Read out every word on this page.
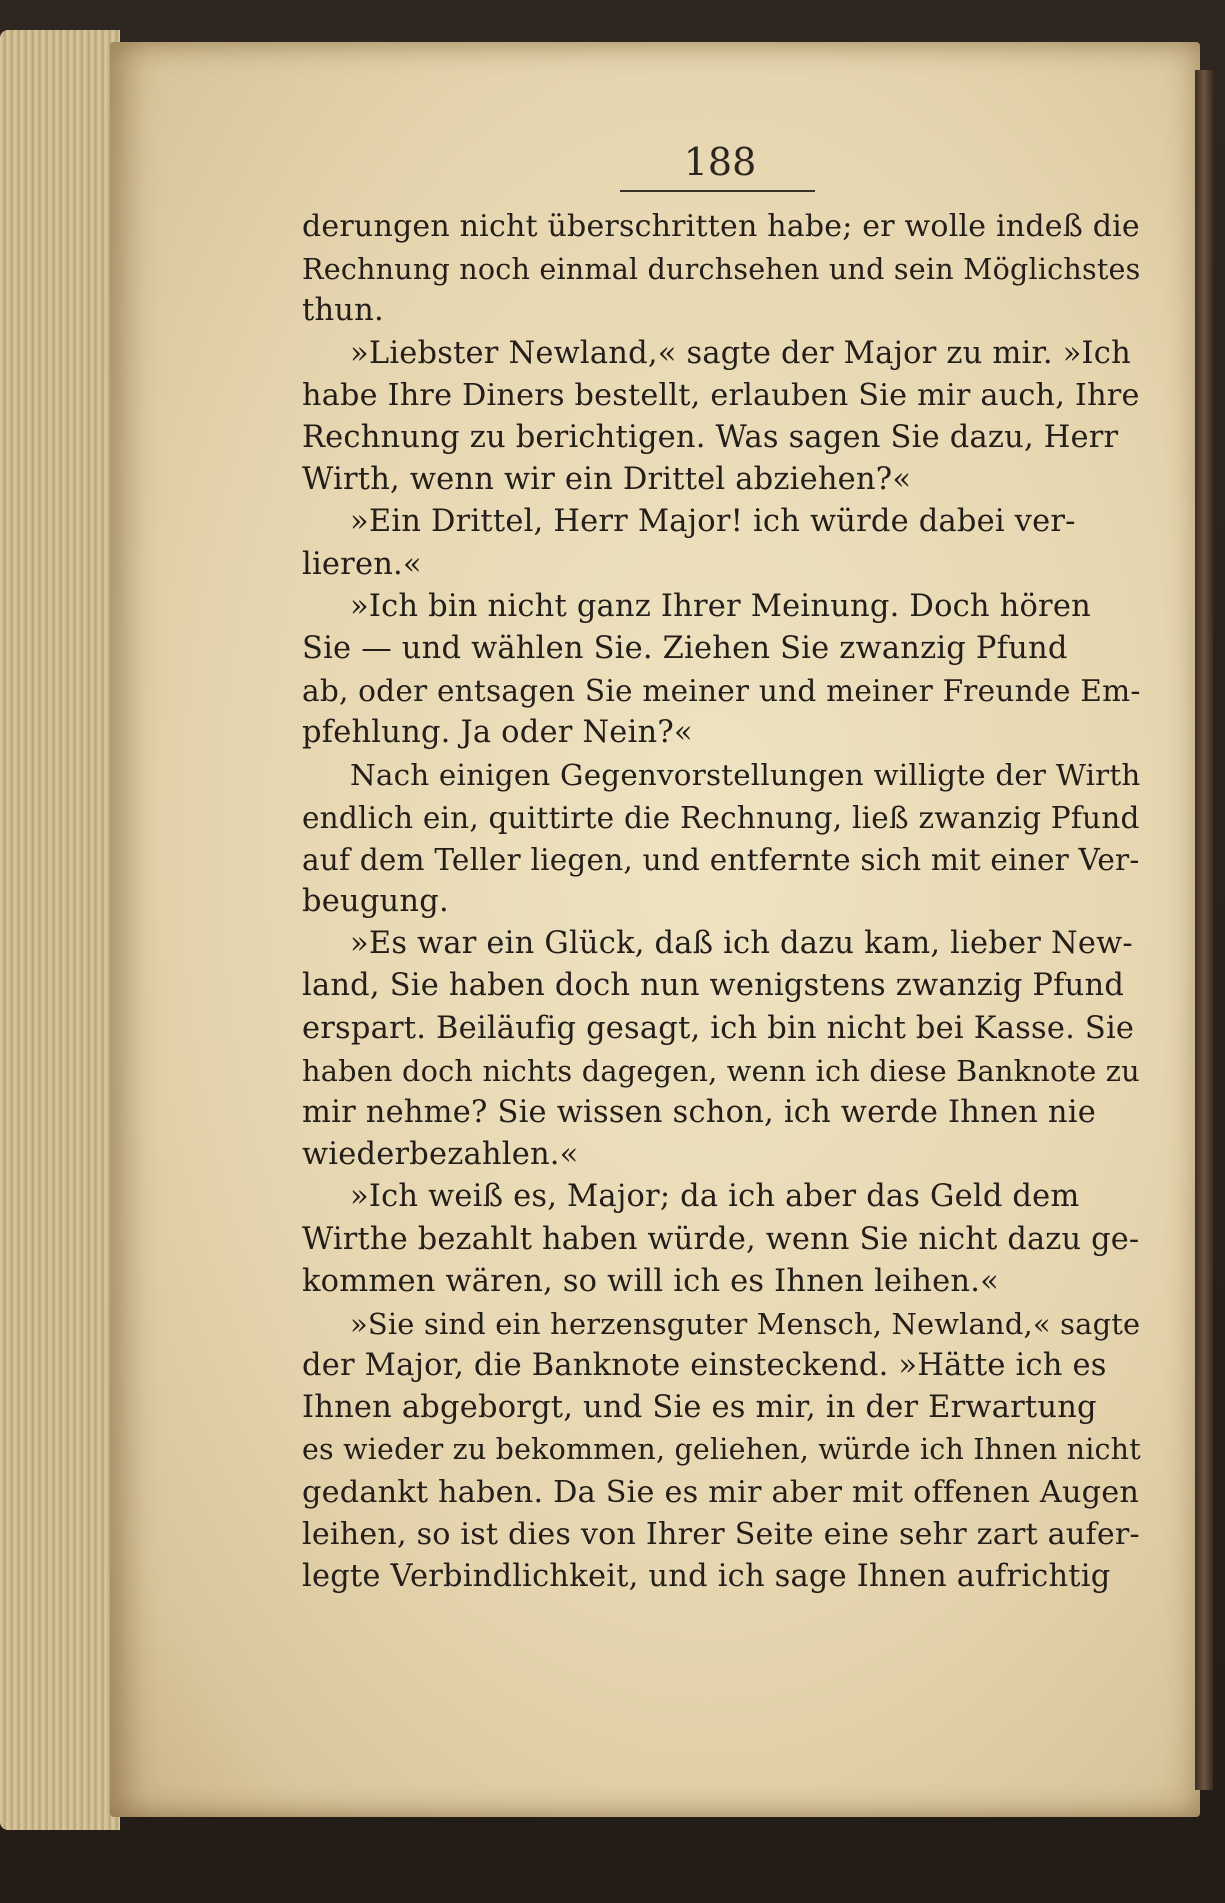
188
derungen nicht überschritten habe; er wolle indeß die
Rechnung noch einmal durchsehen und sein Möglichstes
thun.
»Liebster Newland,« sagte der Major zu mir. »Ich
habe Ihre Diners bestellt, erlauben Sie mir auch, Ihre
Rechnung zu berichtigen. Was sagen Sie dazu, Herr
Wirth, wenn wir ein Drittel abziehen?«
»Ein Drittel, Herr Major! ich würde dabei ver-
lieren.«
»Ich bin nicht ganz Ihrer Meinung. Doch hören
Sie — und wählen Sie. Ziehen Sie zwanzig Pfund
ab, oder entsagen Sie meiner und meiner Freunde Em-
pfehlung. Ja oder Nein?«
Nach einigen Gegenvorstellungen willigte der Wirth
endlich ein, quittirte die Rechnung, ließ zwanzig Pfund
auf dem Teller liegen, und entfernte sich mit einer Ver-
beugung.
»Es war ein Glück, daß ich dazu kam, lieber New-
land, Sie haben doch nun wenigstens zwanzig Pfund
erspart. Beiläufig gesagt, ich bin nicht bei Kasse. Sie
haben doch nichts dagegen, wenn ich diese Banknote zu
mir nehme? Sie wissen schon, ich werde Ihnen nie
wiederbezahlen.«
»Ich weiß es, Major; da ich aber das Geld dem
Wirthe bezahlt haben würde, wenn Sie nicht dazu ge-
kommen wären, so will ich es Ihnen leihen.«
»Sie sind ein herzensguter Mensch, Newland,« sagte
der Major, die Banknote einsteckend. »Hätte ich es
Ihnen abgeborgt, und Sie es mir, in der Erwartung
es wieder zu bekommen, geliehen, würde ich Ihnen nicht
gedankt haben. Da Sie es mir aber mit offenen Augen
leihen, so ist dies von Ihrer Seite eine sehr zart aufer-
legte Verbindlichkeit, und ich sage Ihnen aufrichtig
